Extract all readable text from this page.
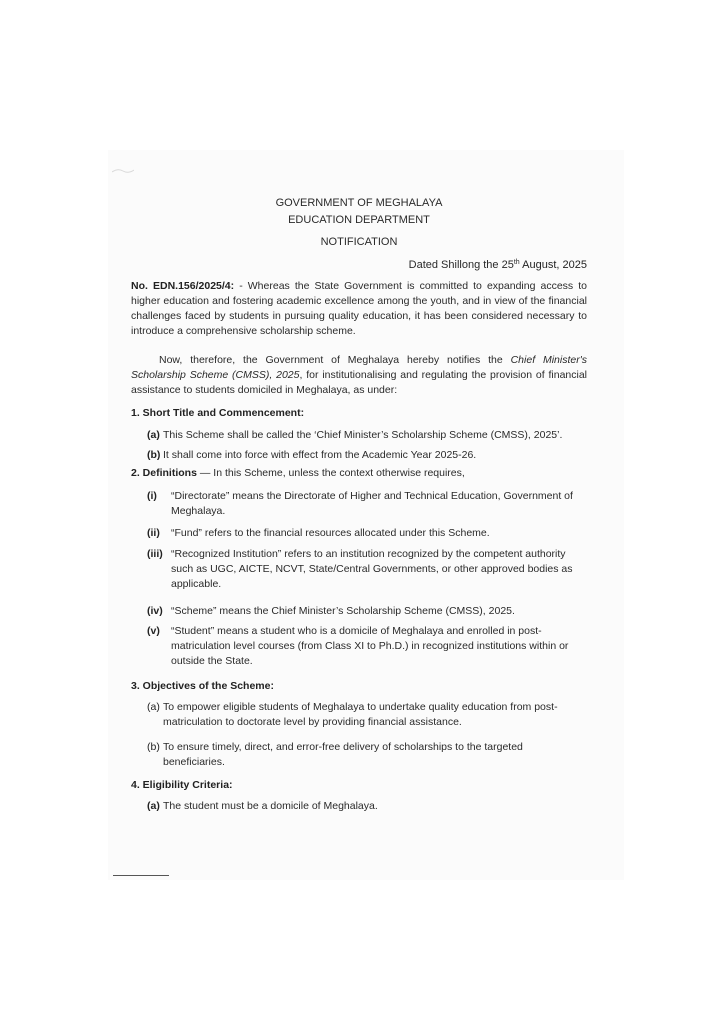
GOVERNMENT OF MEGHALAYA
EDUCATION DEPARTMENT
NOTIFICATION
Dated Shillong the 25th August, 2025
No. EDN.156/2025/4: - Whereas the State Government is committed to expanding access to higher education and fostering academic excellence among the youth, and in view of the financial challenges faced by students in pursuing quality education, it has been considered necessary to introduce a comprehensive scholarship scheme.
Now, therefore, the Government of Meghalaya hereby notifies the Chief Minister's Scholarship Scheme (CMSS), 2025, for institutionalising and regulating the provision of financial assistance to students domiciled in Meghalaya, as under:
1. Short Title and Commencement:
(a) This Scheme shall be called the ‘Chief Minister’s Scholarship Scheme (CMSS), 2025’.
(b) It shall come into force with effect from the Academic Year 2025-26.
2. Definitions — In this Scheme, unless the context otherwise requires,
(i)	“Directorate” means the Directorate of Higher and Technical Education, Government of Meghalaya.
(ii)	“Fund” refers to the financial resources allocated under this Scheme.
(iii) “Recognized Institution” refers to an institution recognized by the competent authority such as UGC, AICTE, NCVT, State/Central Governments, or other approved bodies as applicable.
(iv) “Scheme” means the Chief Minister’s Scholarship Scheme (CMSS), 2025.
(v)	“Student” means a student who is a domicile of Meghalaya and enrolled in post-matriculation level courses (from Class XI to Ph.D.) in recognized institutions within or outside the State.
3. Objectives of the Scheme:
(a) To empower eligible students of Meghalaya to undertake quality education from post-matriculation to doctorate level by providing financial assistance.
(b) To ensure timely, direct, and error-free delivery of scholarships to the targeted beneficiaries.
4. Eligibility Criteria:
(a) The student must be a domicile of Meghalaya.
